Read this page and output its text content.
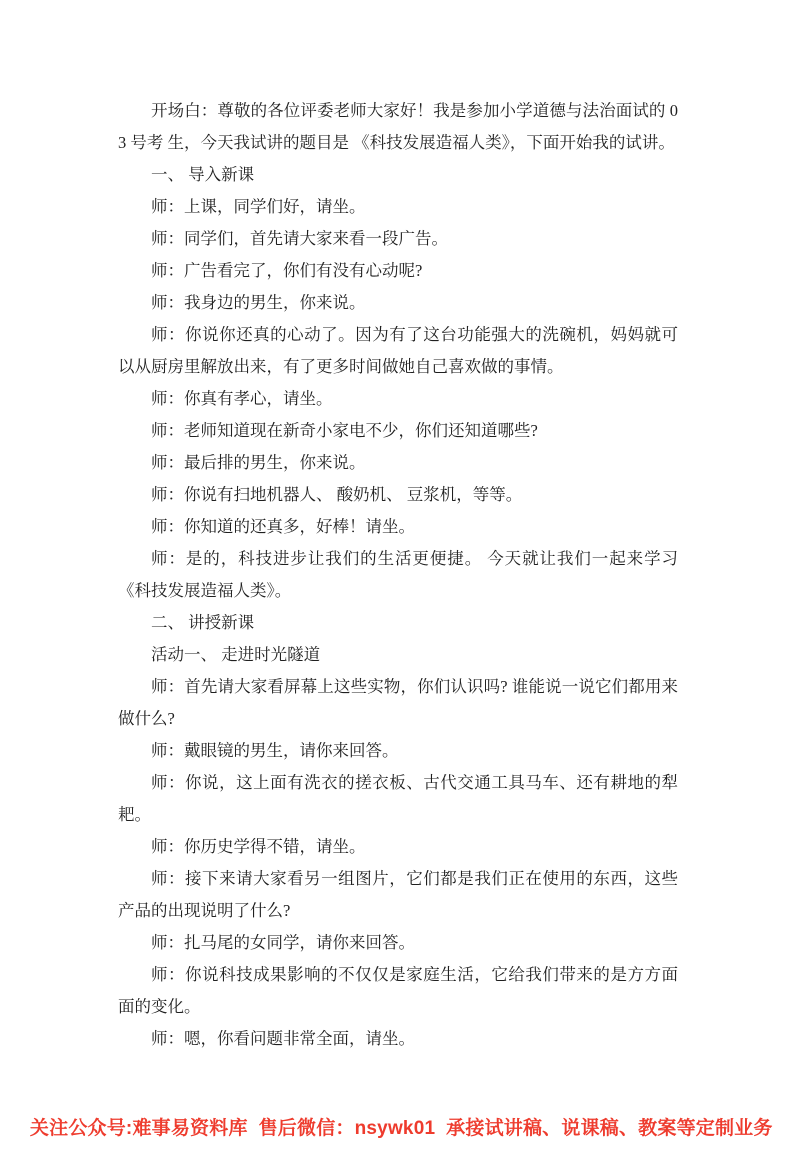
开场白：尊敬的各位评委老师大家好！我是参加小学道德与法治面试的 03 号考 生，今天我试讲的题目是 《科技发展造福人类》，下面开始我的试讲。

一、 导入新课

师：上课，同学们好，请坐。

师：同学们，首先请大家来看一段广告。

师：广告看完了，你们有没有心动呢?

师：我身边的男生，你来说。

师：你说你还真的心动了。因为有了这台功能强大的洗碗机，妈妈就可以从厨房里解放出来，有了更多时间做她自己喜欢做的事情。

师：你真有孝心，请坐。

师：老师知道现在新奇小家电不少，你们还知道哪些?

师：最后排的男生，你来说。

师：你说有扫地机器人、 酸奶机、 豆浆机，等等。

师：你知道的还真多，好棒！请坐。

师：是的，科技进步让我们的生活更便捷。 今天就让我们一起来学习 《科技发展造福人类》。

二、 讲授新课

活动一、 走进时光隧道

师：首先请大家看屏幕上这些实物，你们认识吗? 谁能说一说它们都用来做什么?

师：戴眼镜的男生，请你来回答。

师：你说，这上面有洗衣的搓衣板、古代交通工具马车、还有耕地的犁耙。

师：你历史学得不错，请坐。

师：接下来请大家看另一组图片，它们都是我们正在使用的东西，这些产品的出现说明了什么?

师：扎马尾的女同学，请你来回答。

师：你说科技成果影响的不仅仅是家庭生活，它给我们带来的是方方面面的变化。

师：嗯，你看问题非常全面，请坐。

关注公众号:难事易资料库  售后微信：nsywk01  承接试讲稿、说课稿、教案等定制业务
